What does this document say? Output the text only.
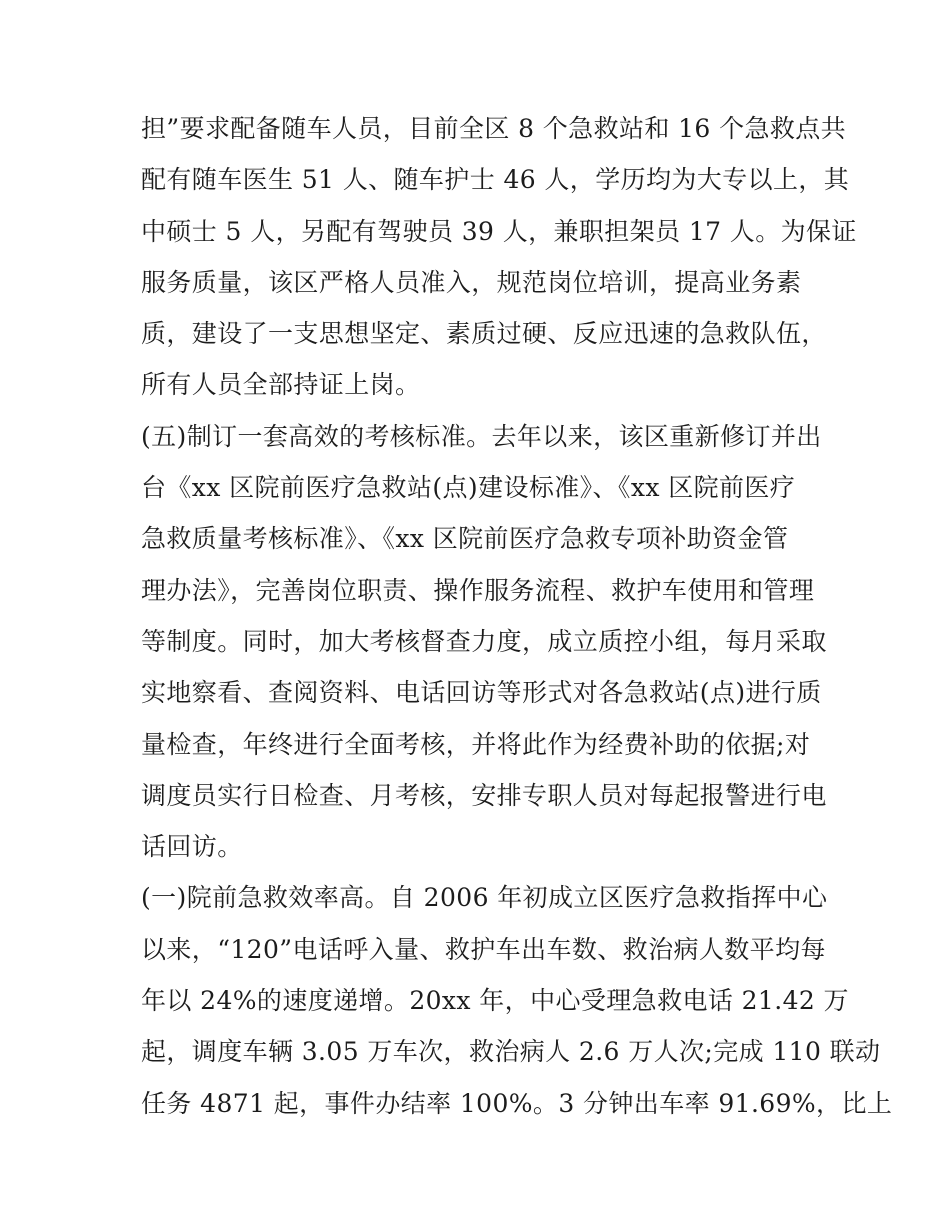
担”要求配备随车人员，目前全区 8 个急救站和 16 个急救点共
配有随车医生 51 人、随车护士 46 人，学历均为大专以上，其
中硕士 5 人，另配有驾驶员 39 人，兼职担架员 17 人。为保证
服务质量，该区严格人员准入，规范岗位培训，提高业务素
质，建设了一支思想坚定、素质过硬、反应迅速的急救队伍，
所有人员全部持证上岗。
(五)制订一套高效的考核标准。去年以来，该区重新修订并出
台《xx 区院前医疗急救站(点)建设标准》、《xx 区院前医疗
急救质量考核标准》、《xx 区院前医疗急救专项补助资金管
理办法》，完善岗位职责、操作服务流程、救护车使用和管理
等制度。同时，加大考核督查力度，成立质控小组，每月采取
实地察看、查阅资料、电话回访等形式对各急救站(点)进行质
量检查，年终进行全面考核，并将此作为经费补助的依据;对
调度员实行日检查、月考核，安排专职人员对每起报警进行电
话回访。
(一)院前急救效率高。自 2006 年初成立区医疗急救指挥中心
以来，“120”电话呼入量、救护车出车数、救治病人数平均每
年以 24%的速度递增。20xx 年，中心受理急救电话 21.42 万
起，调度车辆 3.05 万车次，救治病人 2.6 万人次;完成 110 联动
任务 4871 起，事件办结率 100%。3 分钟出车率 91.69%，比上
